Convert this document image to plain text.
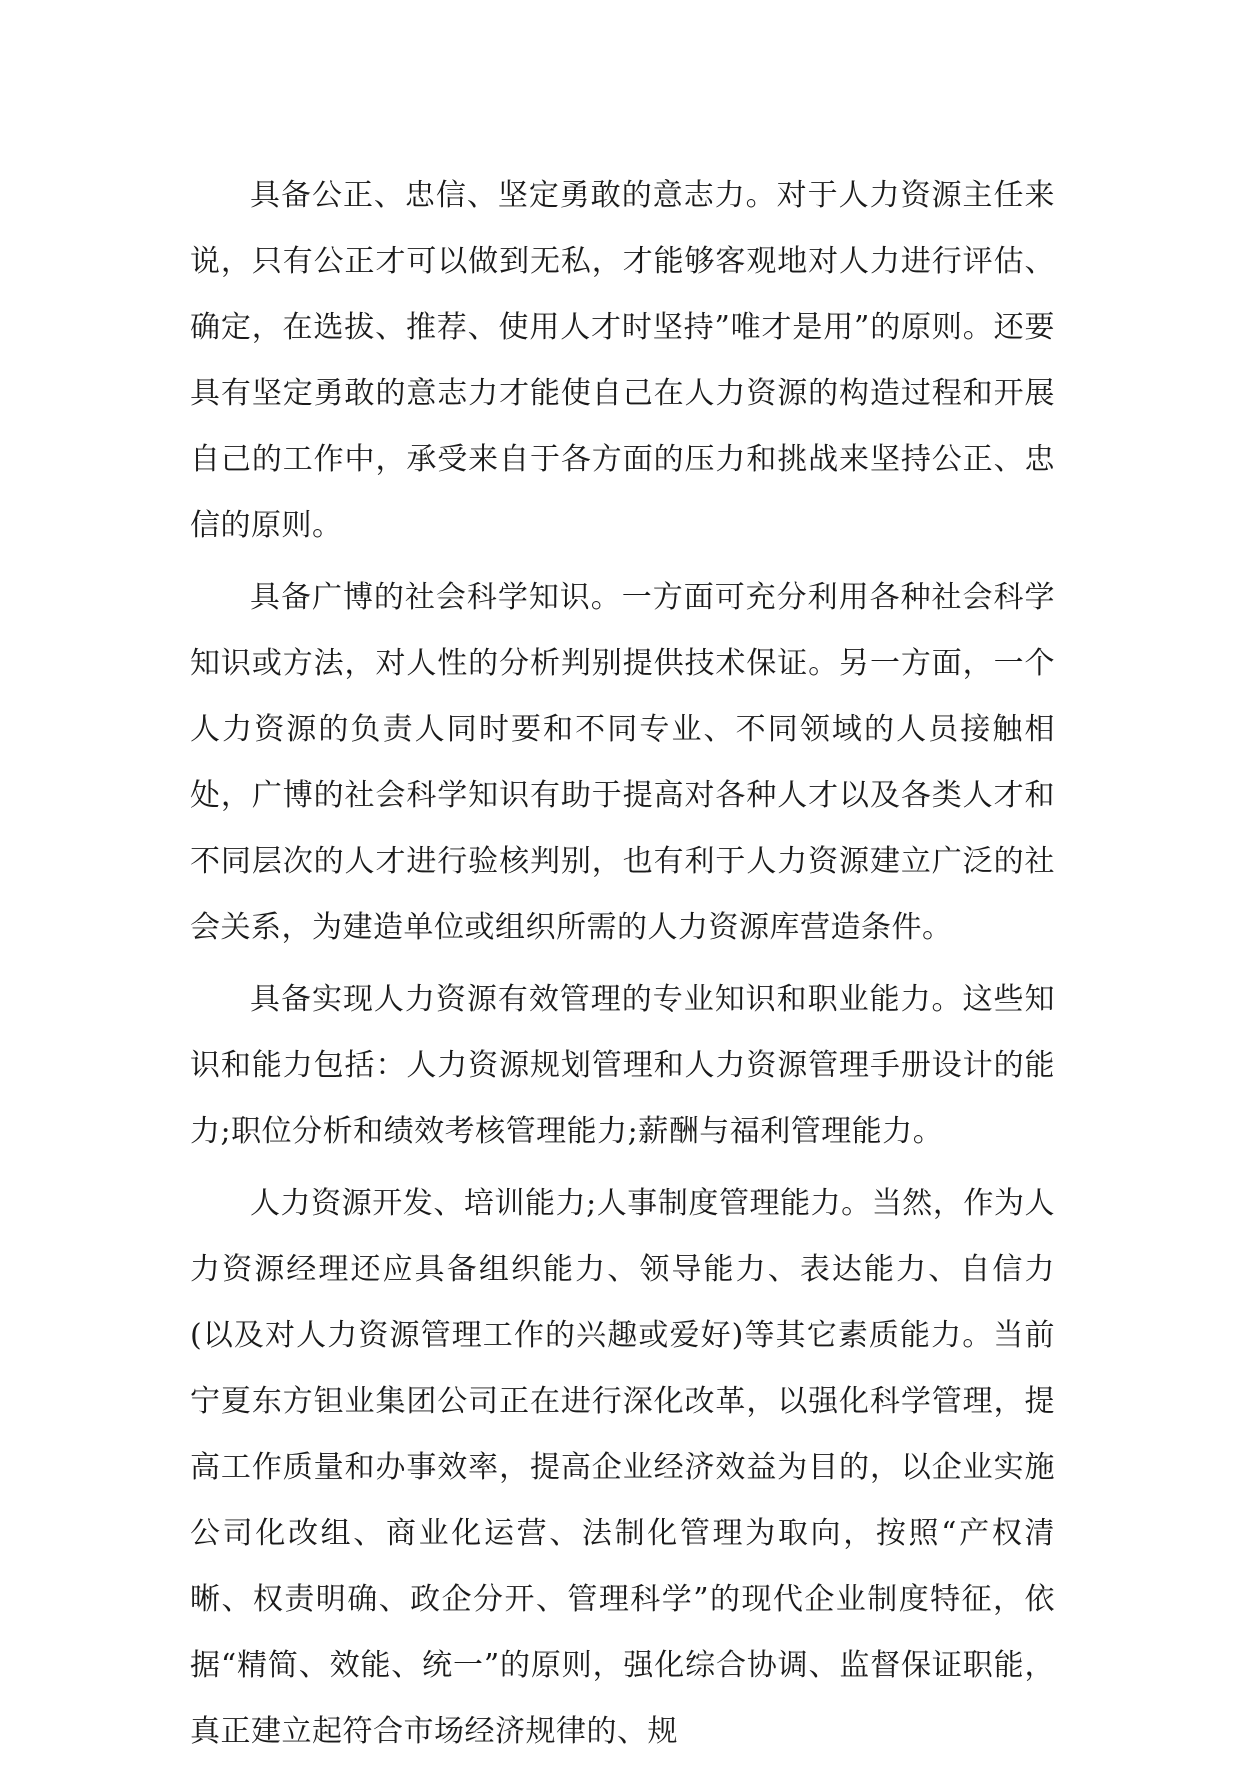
具备公正、忠信、坚定勇敢的意志力。对于人力资源主任来说，只有公正才可以做到无私，才能够客观地对人力进行评估、确定，在选拔、推荐、使用人才时坚持”唯才是用”的原则。还要具有坚定勇敢的意志力才能使自己在人力资源的构造过程和开展自己的工作中，承受来自于各方面的压力和挑战来坚持公正、忠信的原则。

具备广博的社会科学知识。一方面可充分利用各种社会科学知识或方法，对人性的分析判别提供技术保证。另一方面，一个人力资源的负责人同时要和不同专业、不同领域的人员接触相处，广博的社会科学知识有助于提高对各种人才以及各类人才和不同层次的人才进行验核判别，也有利于人力资源建立广泛的社会关系，为建造单位或组织所需的人力资源库营造条件。

具备实现人力资源有效管理的专业知识和职业能力。这些知识和能力包括：人力资源规划管理和人力资源管理手册设计的能力;职位分析和绩效考核管理能力;薪酬与福利管理能力。

人力资源开发、培训能力;人事制度管理能力。当然，作为人力资源经理还应具备组织能力、领导能力、表达能力、自信力(以及对人力资源管理工作的兴趣或爱好)等其它素质能力。当前宁夏东方钽业集团公司正在进行深化改革，以强化科学管理，提高工作质量和办事效率，提高企业经济效益为目的，以企业实施公司化改组、商业化运营、法制化管理为取向，按照“产权清晰、权责明确、政企分开、管理科学”的现代企业制度特征，依据“精简、效能、统一”的原则，强化综合协调、监督保证职能，真正建立起符合市场经济规律的、规
